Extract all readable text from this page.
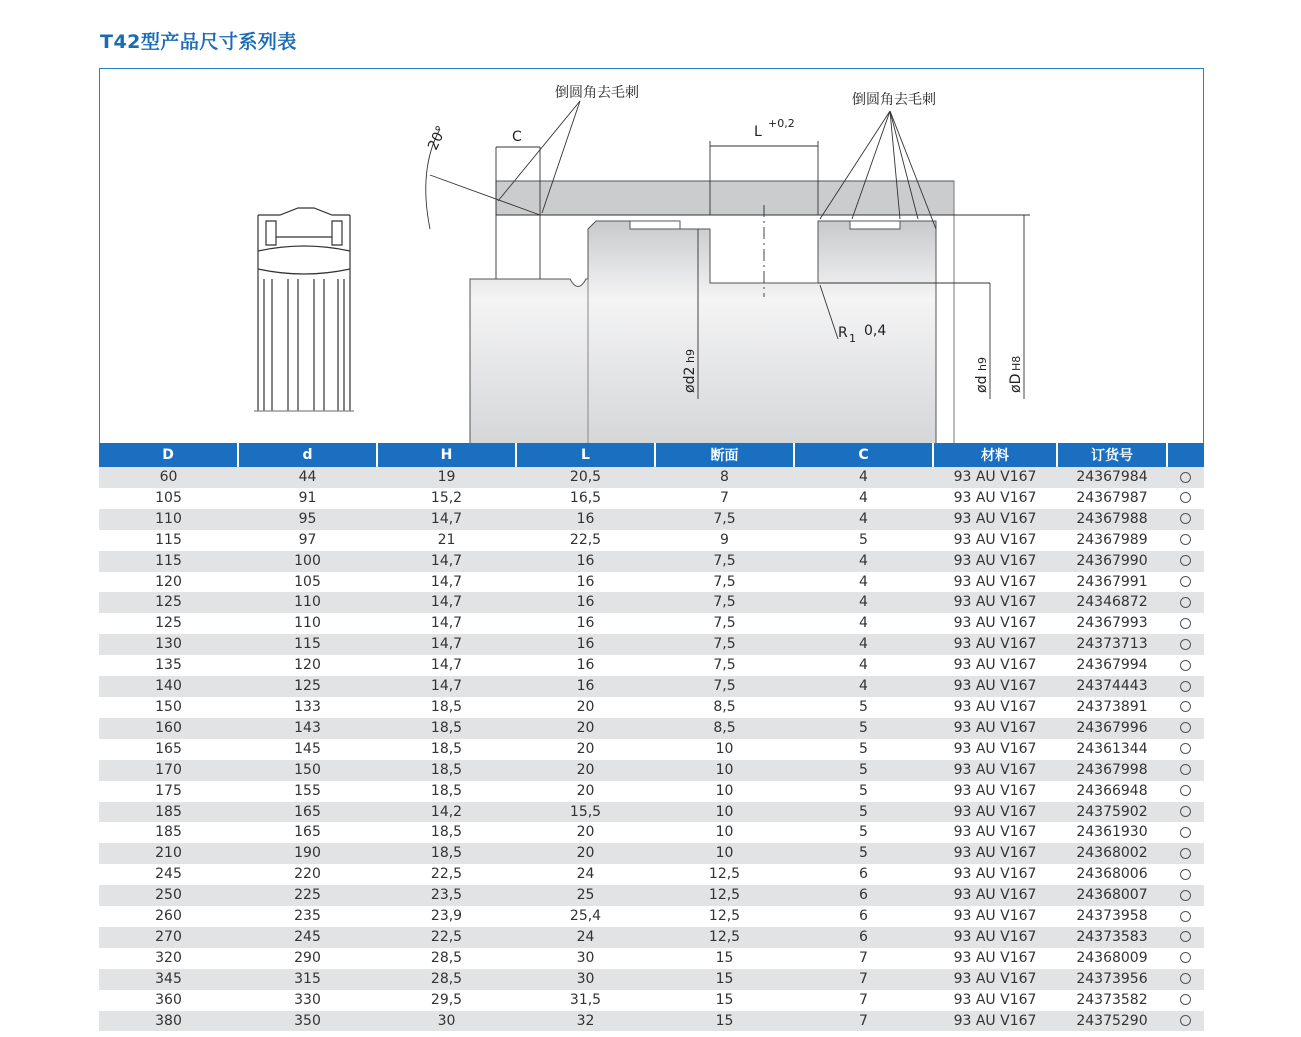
T42型产品尺寸系列表
倒圆角去毛刺	倒圆角去毛刺
20°	C	L
+0,2
R 1 0,4
ød2
h9
ød
h9
øD
H8
D	d	H	L	断面	C	材料	订货号	
60	44	19	20,5	8	4	93 AU V167	24367984	
105	91	15,2	16,5	7	4	93 AU V167	24367987	
110	95	14,7	16	7,5	4	93 AU V167	24367988	
115	97	21	22,5	9	5	93 AU V167	24367989	
115	100	14,7	16	7,5	4	93 AU V167	24367990	
120	105	14,7	16	7,5	4	93 AU V167	24367991	
125	110	14,7	16	7,5	4	93 AU V167	24346872	
125	110	14,7	16	7,5	4	93 AU V167	24367993	
130	115	14,7	16	7,5	4	93 AU V167	24373713	
135	120	14,7	16	7,5	4	93 AU V167	24367994	
140	125	14,7	16	7,5	4	93 AU V167	24374443	
150	133	18,5	20	8,5	5	93 AU V167	24373891	
160	143	18,5	20	8,5	5	93 AU V167	24367996	
165	145	18,5	20	10	5	93 AU V167	24361344	
170	150	18,5	20	10	5	93 AU V167	24367998	
175	155	18,5	20	10	5	93 AU V167	24366948	
185	165	14,2	15,5	10	5	93 AU V167	24375902	
185	165	18,5	20	10	5	93 AU V167	24361930	
210	190	18,5	20	10	5	93 AU V167	24368002	
245	220	22,5	24	12,5	6	93 AU V167	24368006	
250	225	23,5	25	12,5	6	93 AU V167	24368007	
260	235	23,9	25,4	12,5	6	93 AU V167	24373958	
270	245	22,5	24	12,5	6	93 AU V167	24373583	
320	290	28,5	30	15	7	93 AU V167	24368009	
345	315	28,5	30	15	7	93 AU V167	24373956	
360	330	29,5	31,5	15	7	93 AU V167	24373582	
380	350	30	32	15	7	93 AU V167	24375290	
